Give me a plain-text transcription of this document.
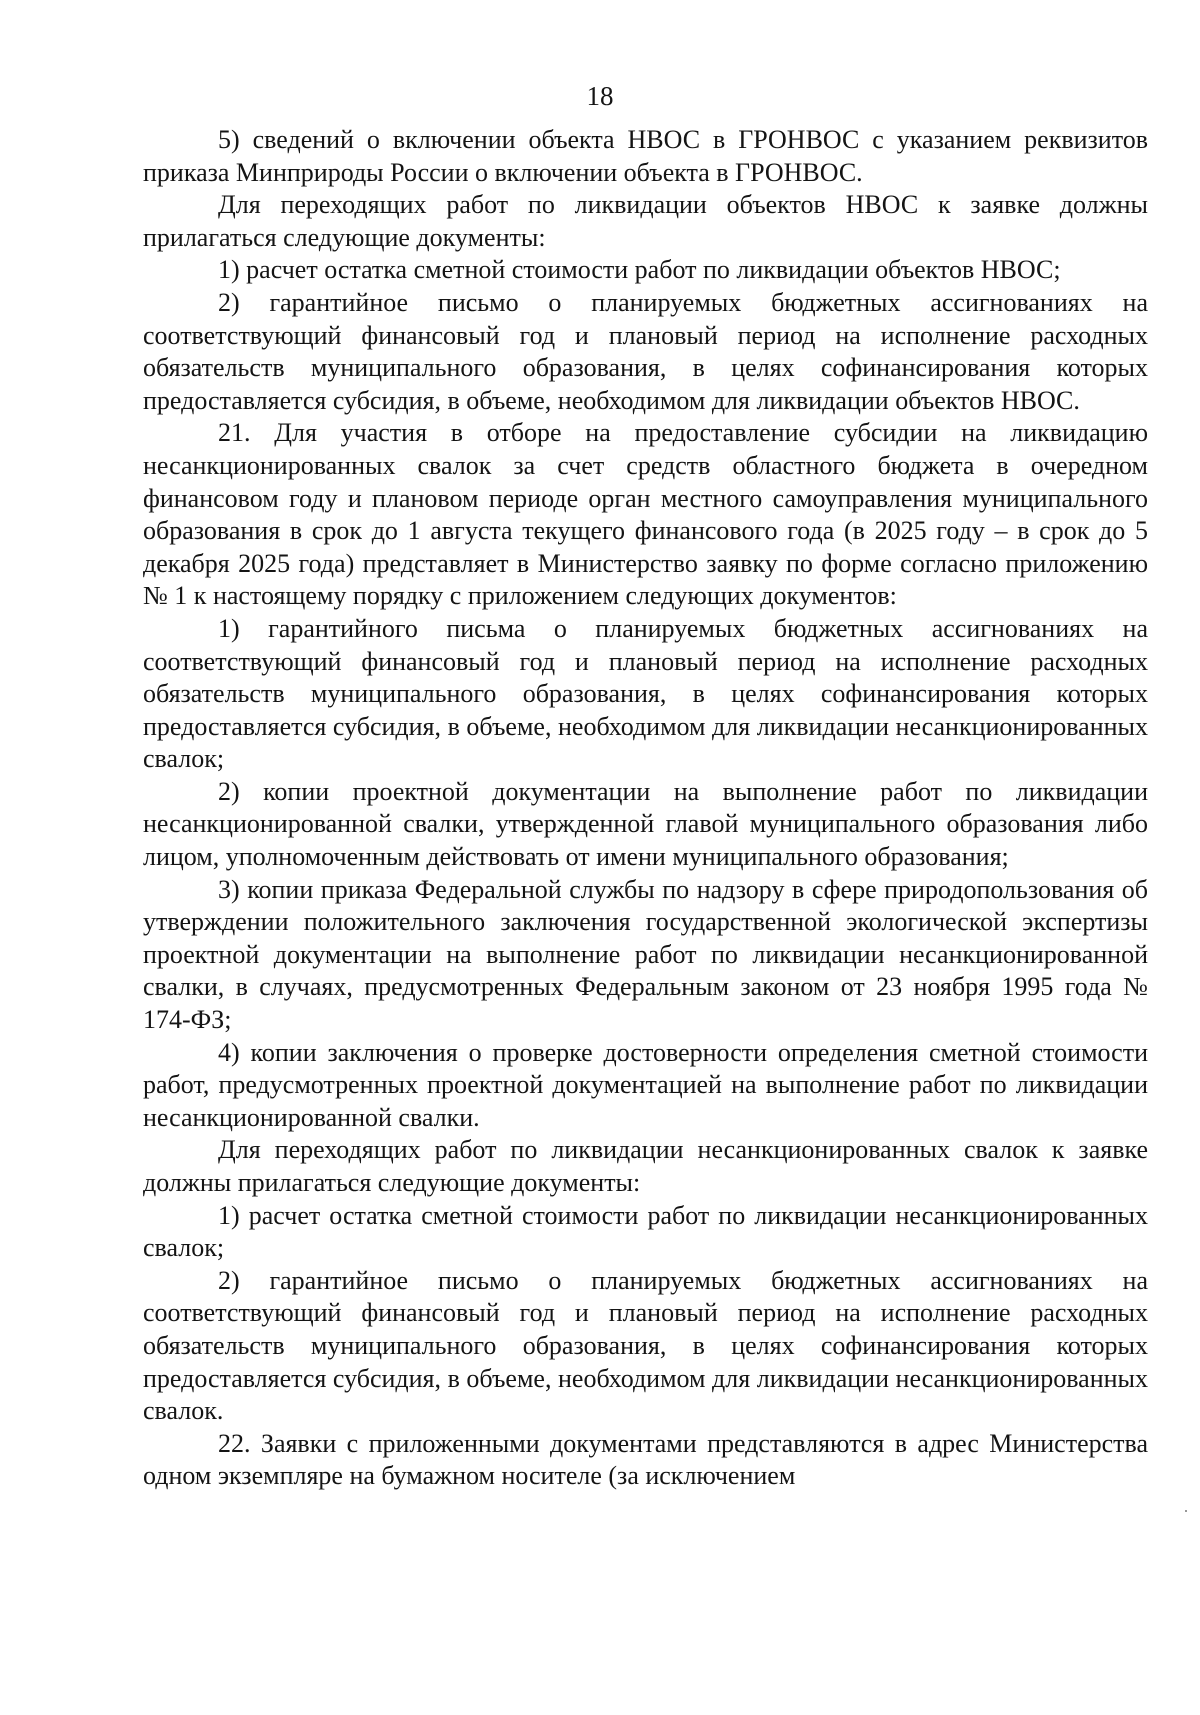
18

5) сведений о включении объекта НВОС в ГРОНВОС с указанием реквизитов приказа Минприроды России о включении объекта в ГРОНВОС.

Для переходящих работ по ликвидации объектов НВОС к заявке должны прилагаться следующие документы:

1) расчет остатка сметной стоимости работ по ликвидации объектов НВОС;

2) гарантийное письмо о планируемых бюджетных ассигнованиях на соответствующий финансовый год и плановый период на исполнение расходных обязательств муниципального образования, в целях софинансирования которых предоставляется субсидия, в объеме, необходимом для ликвидации объектов НВОС.

21. Для участия в отборе на предоставление субсидии на ликвидацию несанкционированных свалок за счет средств областного бюджета в очередном финансовом году и плановом периоде орган местного самоуправления муниципального образования в срок до 1 августа текущего финансового года (в 2025 году – в срок до 5 декабря 2025 года) представляет в Министерство заявку по форме согласно приложению № 1 к настоящему порядку с приложением следующих документов:

1) гарантийного письма о планируемых бюджетных ассигнованиях на соответствующий финансовый год и плановый период на исполнение расходных обязательств муниципального образования, в целях софинансирования которых предоставляется субсидия, в объеме, необходимом для ликвидации несанкционированных свалок;

2) копии проектной документации на выполнение работ по ликвидации несанкционированной свалки, утвержденной главой муниципального образования либо лицом, уполномоченным действовать от имени муниципального образования;

3) копии приказа Федеральной службы по надзору в сфере природопользования об утверждении положительного заключения государственной экологической экспертизы проектной документации на выполнение работ по ликвидации несанкционированной свалки, в случаях, предусмотренных Федеральным законом от 23 ноября 1995 года № 174-ФЗ;

4) копии заключения о проверке достоверности определения сметной стоимости работ, предусмотренных проектной документацией на выполнение работ по ликвидации несанкционированной свалки.

Для переходящих работ по ликвидации несанкционированных свалок к заявке должны прилагаться следующие документы:

1) расчет остатка сметной стоимости работ по ликвидации несанкционированных свалок;

2) гарантийное письмо о планируемых бюджетных ассигнованиях на соответствующий финансовый год и плановый период на исполнение расходных обязательств муниципального образования, в целях софинансирования которых предоставляется субсидия, в объеме, необходимом для ликвидации несанкционированных свалок.

22. Заявки с приложенными документами представляются в адрес Министерства одном экземпляре на бумажном носителе (за исключением
